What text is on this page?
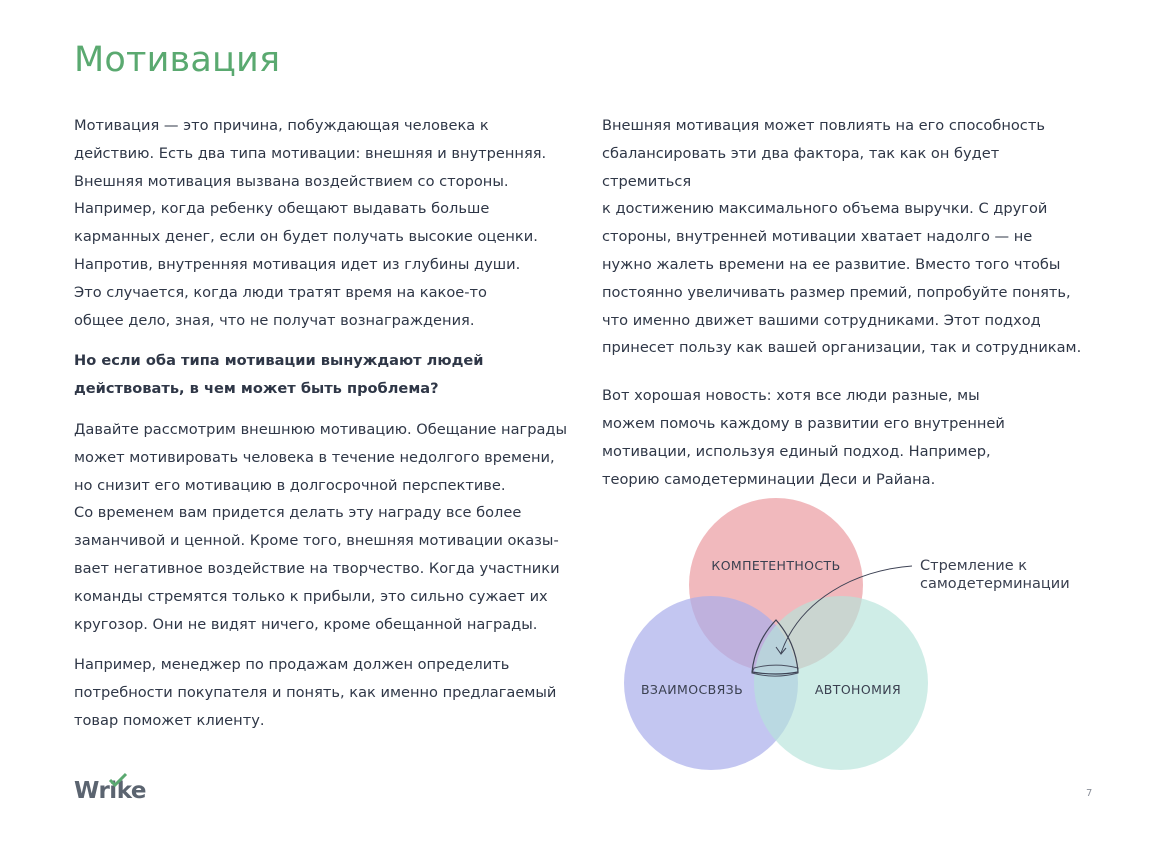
Мотивация

Мотивация — это причина, побуждающая человека к
действию. Есть два типа мотивации: внешняя и внутренняя.
Внешняя мотивация вызвана воздействием со стороны.
Например, когда ребенку обещают выдавать больше
карманных денег, если он будет получать высокие оценки.
Напротив, внутренняя мотивация идет из глубины души.
Это случается, когда люди тратят время на какое-то
общее дело, зная, что не получат вознаграждения.

Но если оба типа мотивации вынуждают людей
действовать, в чем может быть проблема?

Давайте рассмотрим внешнюю мотивацию. Обещание награды
может мотивировать человека в течение недолгого времени,
но снизит его мотивацию в долгосрочной перспективе.
Со временем вам придется делать эту награду все более
заманчивой и ценной. Кроме того, внешняя мотивации оказы-
вает негативное воздействие на творчество. Когда участники
команды стремятся только к прибыли, это сильно сужает их
кругозор. Они не видят ничего, кроме обещанной награды.

Например, менеджер по продажам должен определить
потребности покупателя и понять, как именно предлагаемый
товар поможет клиенту.

Внешняя мотивация может повлиять на его способность
сбалансировать эти два фактора, так как он будет стремиться
к достижению максимального объема выручки. С другой
стороны, внутренней мотивации хватает надолго — не
нужно жалеть времени на ее развитие. Вместо того чтобы
постоянно увеличивать размер премий, попробуйте понять,
что именно движет вашими сотрудниками. Этот подход
принесет пользу как вашей организации, так и сотрудникам.

Вот хорошая новость: хотя все люди разные, мы
можем помочь каждому в развитии его внутренней
мотивации, используя единый подход. Например,
теорию самодетерминации Деси и Райана.

КОМПЕТЕНТНОСТЬ
ВЗАИМОСВЯЗЬ	АВТОНОМИЯ
Стремление к
самодетерминации
Wrike	7
